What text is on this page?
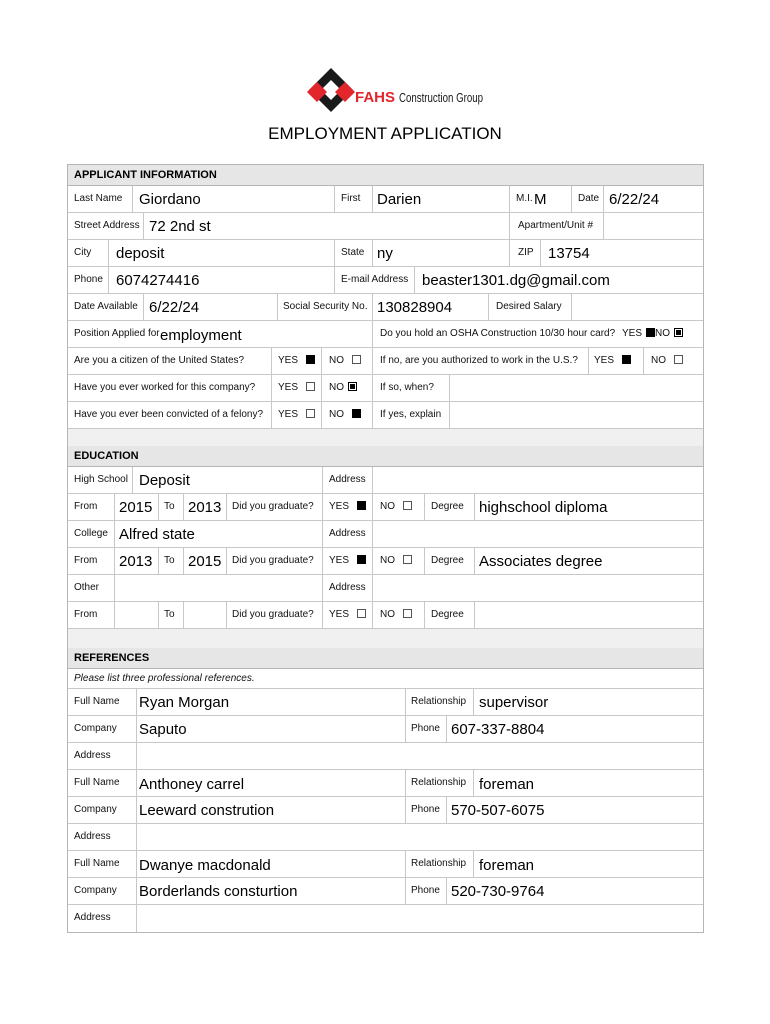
FAHS Construction Group
EMPLOYMENT APPLICATION
APPLICANT INFORMATION
Last Name Giordano	First Darien	M.I. M	Date 6/22/24
Street Address 72 2nd st	Apartment/Unit #
City deposit	State ny	ZIP 13754
Phone 6074274416	E-mail Address beaster1301.dg@gmail.com
Date Available 6/22/24	Social Security No. 130828904	Desired Salary
Position Applied for employment	Do you hold an OSHA Construction 10/30 hour card? YES	NO
Are you a citizen of the United States?	YES	NO	If no, are you authorized to work in the U.S.? YES	NO
Have you ever worked for this company? YES	NO	If so, when?
Have you ever been convicted of a felony? YES	NO	If yes, explain
EDUCATION
High School Deposit	Address
From 2015 To 2013 Did you graduate? YES	NO	Degree highschool diploma
College Alfred state	Address
From 2013 To 2015 Did you graduate? YES	NO	Degree Associates degree
Other	Address
From	To	Did you graduate? YES	NO	Degree
REFERENCES
Please list three professional references.
Full Name Ryan Morgan	Relationship supervisor
Company Saputo	Phone 607-337-8804
Address
Full Name Anthoney carrel	Relationship foreman
Company Leeward constrution	Phone 570-507-6075
Address
Full Name Dwanye macdonald	Relationship foreman
Company Borderlands consturtion	Phone 520-730-9764
Address
